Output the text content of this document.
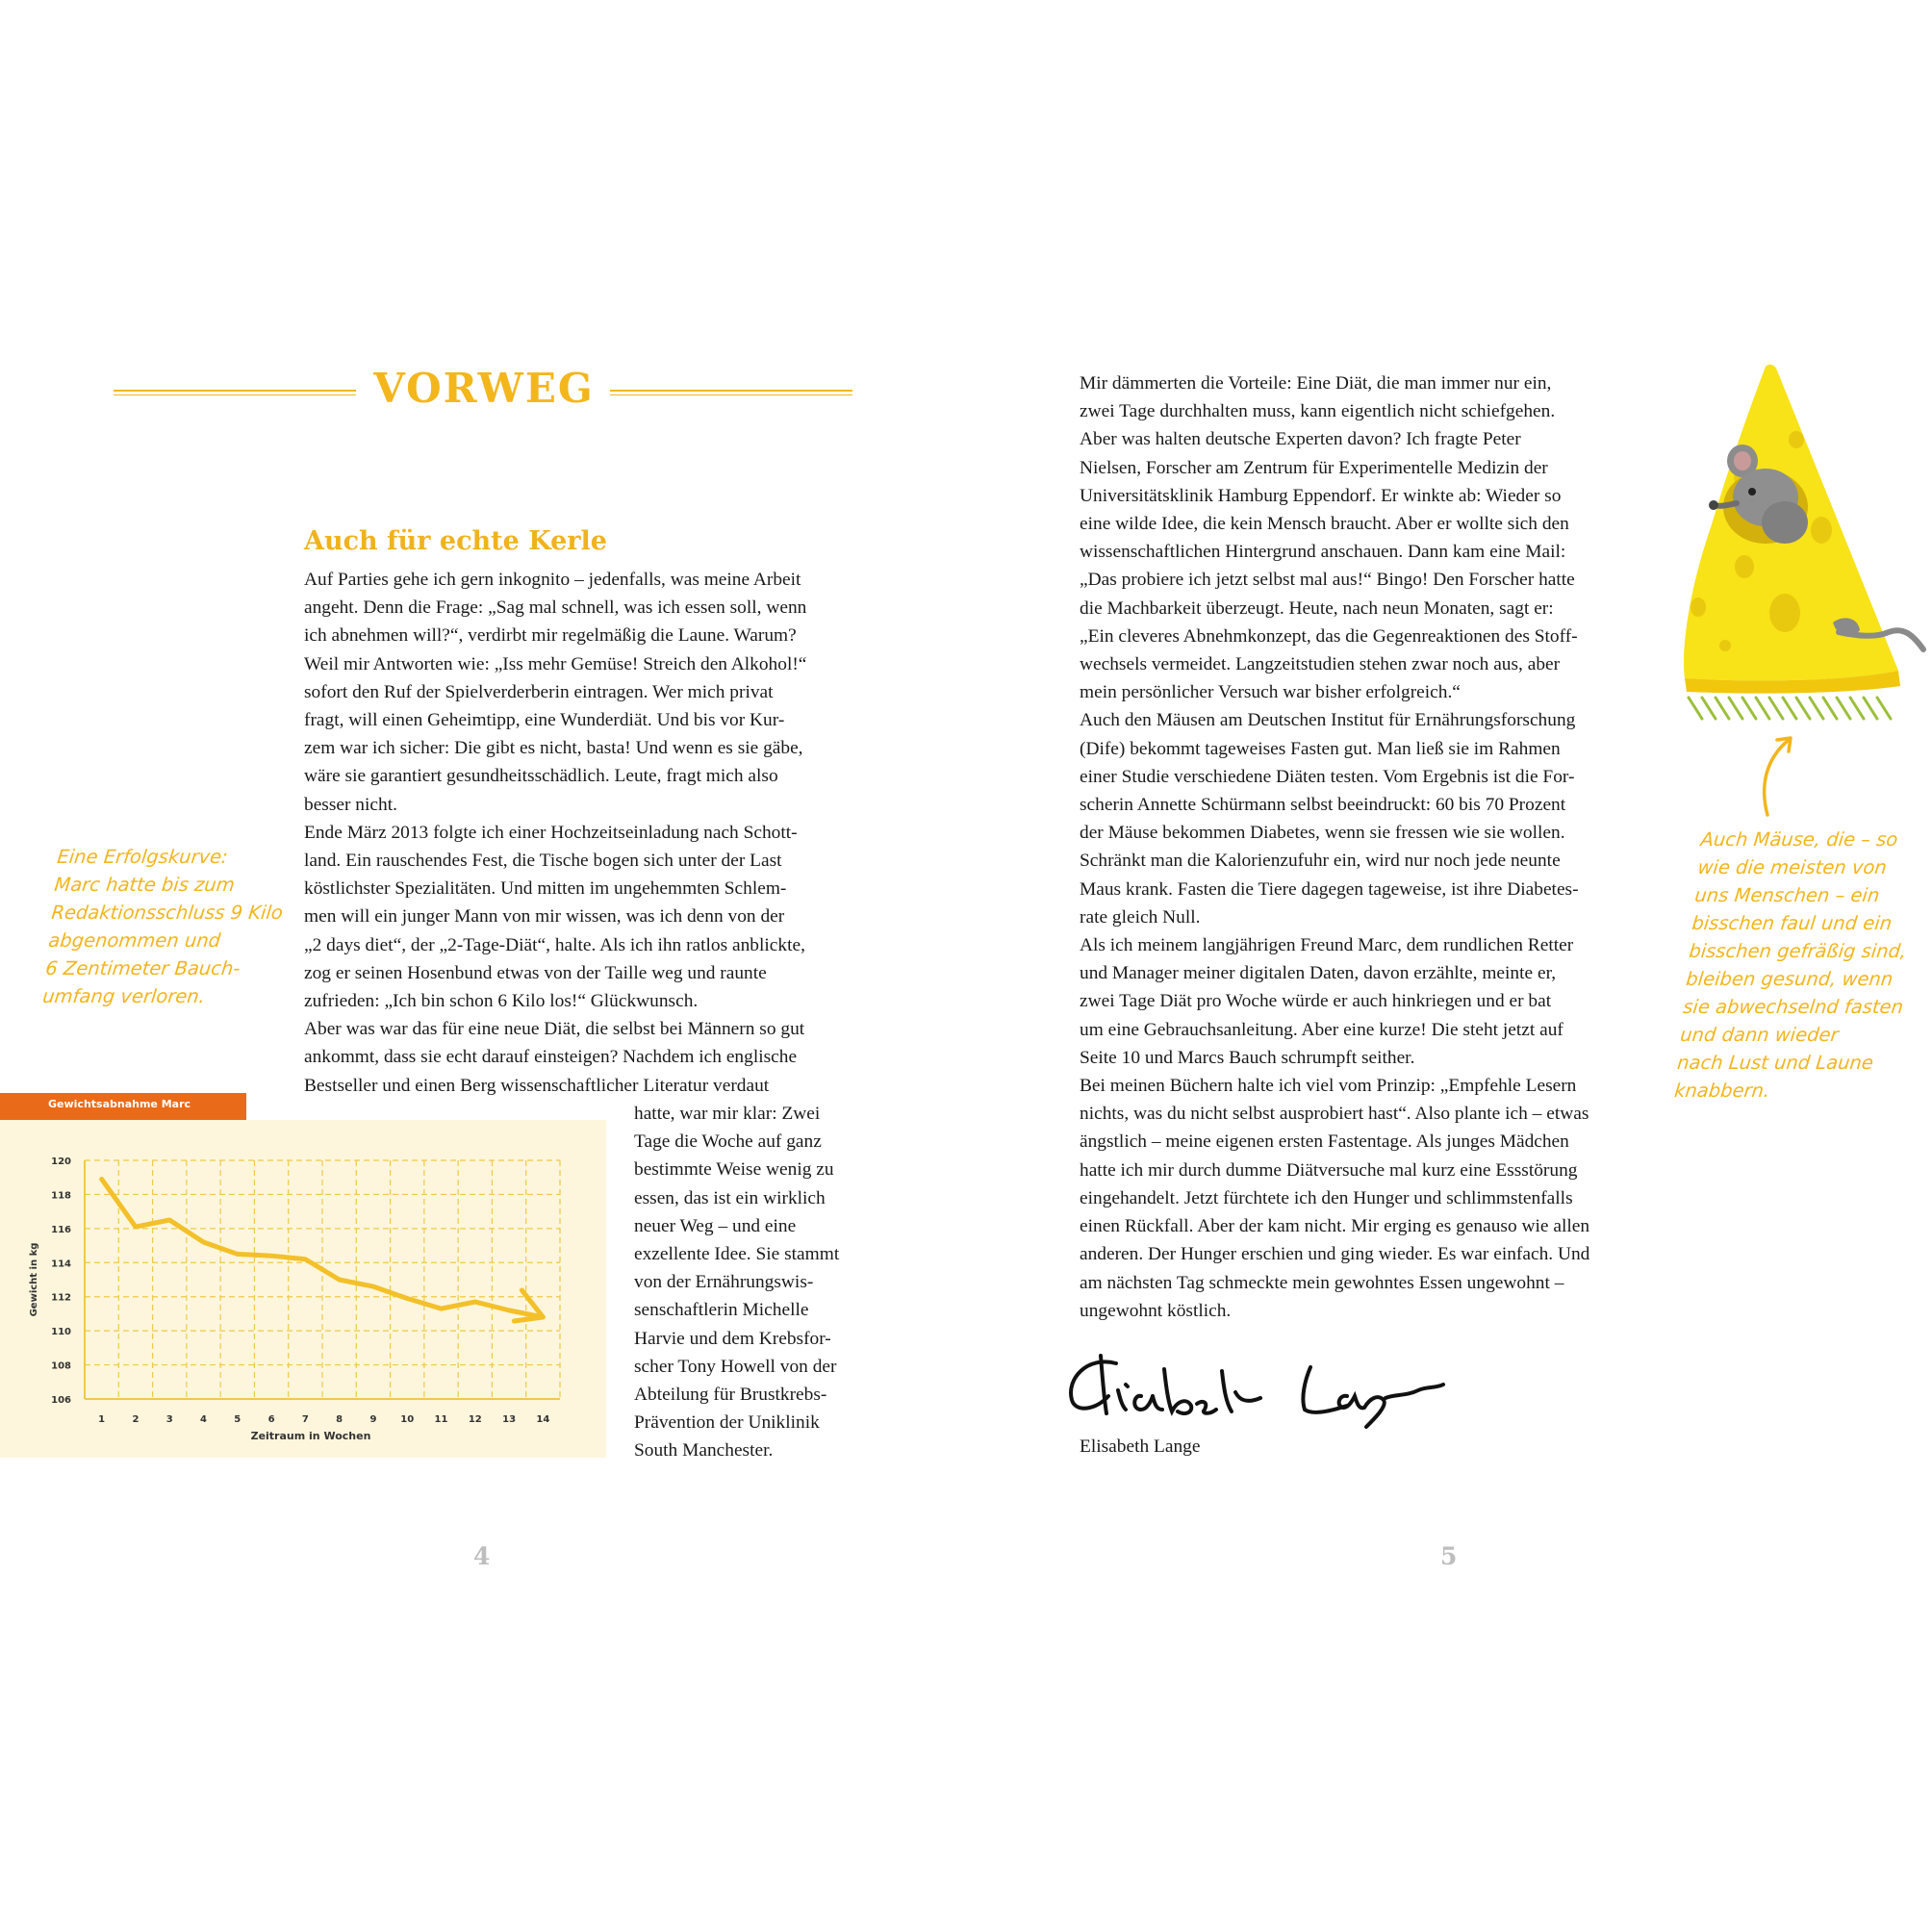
VORWEG
Auch für echte Kerle
Auf Parties gehe ich gern inkognito – jedenfalls, was meine Arbeit
angeht. Denn die Frage: „Sag mal schnell, was ich essen soll, wenn
ich abnehmen will?“, verdirbt mir regelmäßig die Laune. Warum?
Weil mir Antworten wie: „Iss mehr Gemüse! Streich den Alkohol!“
sofort den Ruf der Spielverderberin eintragen. Wer mich privat
fragt, will einen Geheimtipp, eine Wunderdiät. Und bis vor Kur-
zem war ich sicher: Die gibt es nicht, basta! Und wenn es sie gäbe,
wäre sie garantiert gesundheitsschädlich. Leute, fragt mich also
besser nicht.
Ende März 2013 folgte ich einer Hochzeitseinladung nach Schott-
land. Ein rauschendes Fest, die Tische bogen sich unter der Last
köstlichster Spezialitäten. Und mitten im ungehemmten Schlem-
men will ein junger Mann von mir wissen, was ich denn von der
„2 days diet“, der „2-Tage-Diät“, halte. Als ich ihn ratlos anblickte,
zog er seinen Hosenbund etwas von der Taille weg und raunte
zufrieden: „Ich bin schon 6 Kilo los!“ Glückwunsch.
Aber was war das für eine neue Diät, die selbst bei Männern so gut
ankommt, dass sie echt darauf einsteigen? Nachdem ich englische
Bestseller und einen Berg wissenschaftlicher Literatur verdaut
hatte, war mir klar: Zwei
Tage die Woche auf ganz
bestimmte Weise wenig zu
essen, das ist ein wirklich
neuer Weg – und eine
exzellente Idee. Sie stammt
von der Ernährungswis-
senschaftlerin Michelle
Harvie und dem Krebsfor-
scher Tony Howell von der
Abteilung für Brustkrebs-
Prävention der Uniklinik
South Manchester.
Eine Erfolgskurve:
Marc hatte bis zum
Redaktionsschluss 9 Kilo
abgenommen und
6 Zentimeter Bauch-
umfang verloren.
Gewichtsabnahme Marc
106
108
110
112
114
116
118
120
1	2	3	4	5	6	7	8	9 10 11 12 13 14
Zeitraum in Wochen
Gewicht in kg
4
Mir dämmerten die Vorteile: Eine Diät, die man immer nur ein,
zwei Tage durchhalten muss, kann eigentlich nicht schiefgehen.
Aber was halten deutsche Experten davon? Ich fragte Peter
Nielsen, Forscher am Zentrum für Experimentelle Medizin der
Universitätsklinik Hamburg Eppendorf. Er winkte ab: Wieder so
eine wilde Idee, die kein Mensch braucht. Aber er wollte sich den
wissenschaftlichen Hintergrund anschauen. Dann kam eine Mail:
„Das probiere ich jetzt selbst mal aus!“ Bingo! Den Forscher hatte
die Machbarkeit überzeugt. Heute, nach neun Monaten, sagt er:
„Ein cleveres Abnehmkonzept, das die Gegenreaktionen des Stoff-
wechsels vermeidet. Langzeitstudien stehen zwar noch aus, aber
mein persönlicher Versuch war bisher erfolgreich.“
Auch den Mäusen am Deutschen Institut für Ernährungsforschung
(Dife) bekommt tageweises Fasten gut. Man ließ sie im Rahmen
einer Studie verschiedene Diäten testen. Vom Ergebnis ist die For-
scherin Annette Schürmann selbst beeindruckt: 60 bis 70 Prozent
der Mäuse bekommen Diabetes, wenn sie fressen wie sie wollen.
Schränkt man die Kalorienzufuhr ein, wird nur noch jede neunte
Maus krank. Fasten die Tiere dagegen tageweise, ist ihre Diabetes-
rate gleich Null.
Als ich meinem langjährigen Freund Marc, dem rundlichen Retter
und Manager meiner digitalen Daten, davon erzählte, meinte er,
zwei Tage Diät pro Woche würde er auch hinkriegen und er bat
um eine Gebrauchsanleitung. Aber eine kurze! Die steht jetzt auf
Seite 10 und Marcs Bauch schrumpft seither.
Bei meinen Büchern halte ich viel vom Prinzip: „Empfehle Lesern
nichts, was du nicht selbst ausprobiert hast“. Also plante ich – etwas
ängstlich – meine eigenen ersten Fastentage. Als junges Mädchen
hatte ich mir durch dumme Diätversuche mal kurz eine Essstörung
eingehandelt. Jetzt fürchtete ich den Hunger und schlimmstenfalls
einen Rückfall. Aber der kam nicht. Mir erging es genauso wie allen
anderen. Der Hunger erschien und ging wieder. Es war einfach. Und
am nächsten Tag schmeckte mein gewohntes Essen ungewohnt –
ungewohnt köstlich.
Elisabeth Lange
Auch Mäuse, die – so
wie die meisten von
uns Menschen – ein
bisschen faul und ein
bisschen gefräßig sind,
bleiben gesund, wenn
sie abwechselnd fasten
und dann wieder
nach Lust und Laune
knabbern.
5
